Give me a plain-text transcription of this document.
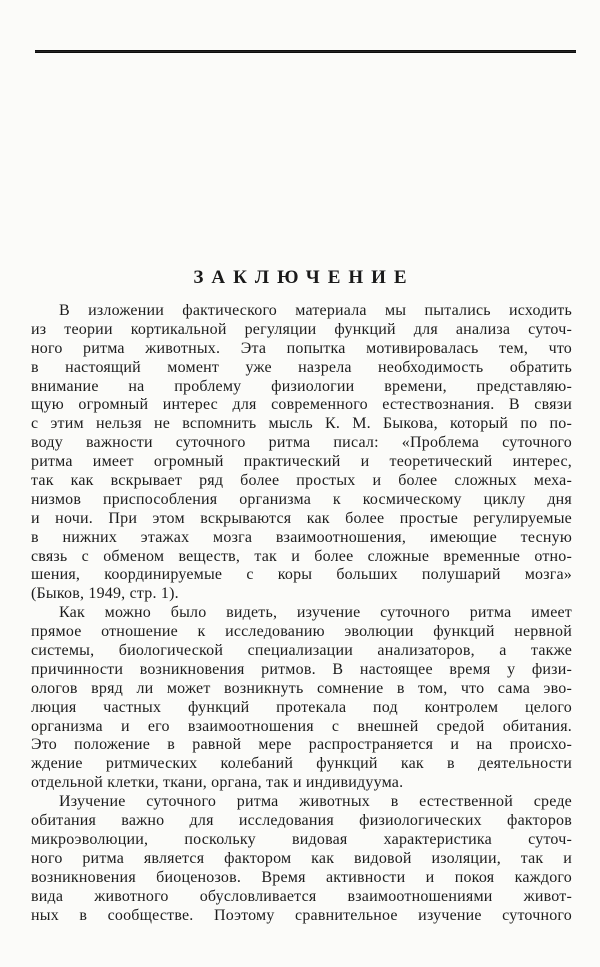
ЗАКЛЮЧЕНИЕ
В изложении фактического материала мы пытались исходить
из теории кортикальной регуляции функций для анализа суточ-
ного ритма животных. Эта попытка мотивировалась тем, что
в настоящий момент уже назрела необходимость обратить
внимание на проблему физиологии времени, представляю-
щую огромный интерес для современного естествознания. В связи
с этим нельзя не вспомнить мысль К. М. Быкова, который по по-
воду важности суточного ритма писал: «Проблема суточного
ритма имеет огромный практический и теоретический интерес,
так как вскрывает ряд более простых и более сложных меха-
низмов приспособления организма к космическому циклу дня
и ночи. При этом вскрываются как более простые регулируемые
в нижних этажах мозга взаимоотношения, имеющие тесную
связь с обменом веществ, так и более сложные временные отно-
шения, координируемые с коры больших полушарий мозга»
(Быков, 1949, стр. 1).
Как можно было видеть, изучение суточного ритма имеет
прямое отношение к исследованию эволюции функций нервной
системы, биологической специализации анализаторов, а также
причинности возникновения ритмов. В настоящее время у физи-
ологов вряд ли может возникнуть сомнение в том, что сама эво-
люция частных функций протекала под контролем целого
организма и его взаимоотношения с внешней средой обитания.
Это положение в равной мере распространяется и на происхо-
ждение ритмических колебаний функций как в деятельности
отдельной клетки, ткани, органа, так и индивидуума.
Изучение суточного ритма животных в естественной среде
обитания важно для исследования физиологических факторов
микроэволюции, поскольку видовая характеристика суточ-
ного ритма является фактором как видовой изоляции, так и
возникновения биоценозов. Время активности и покоя каждого
вида животного обусловливается взаимоотношениями живот-
ных в сообществе. Поэтому сравнительное изучение суточного
